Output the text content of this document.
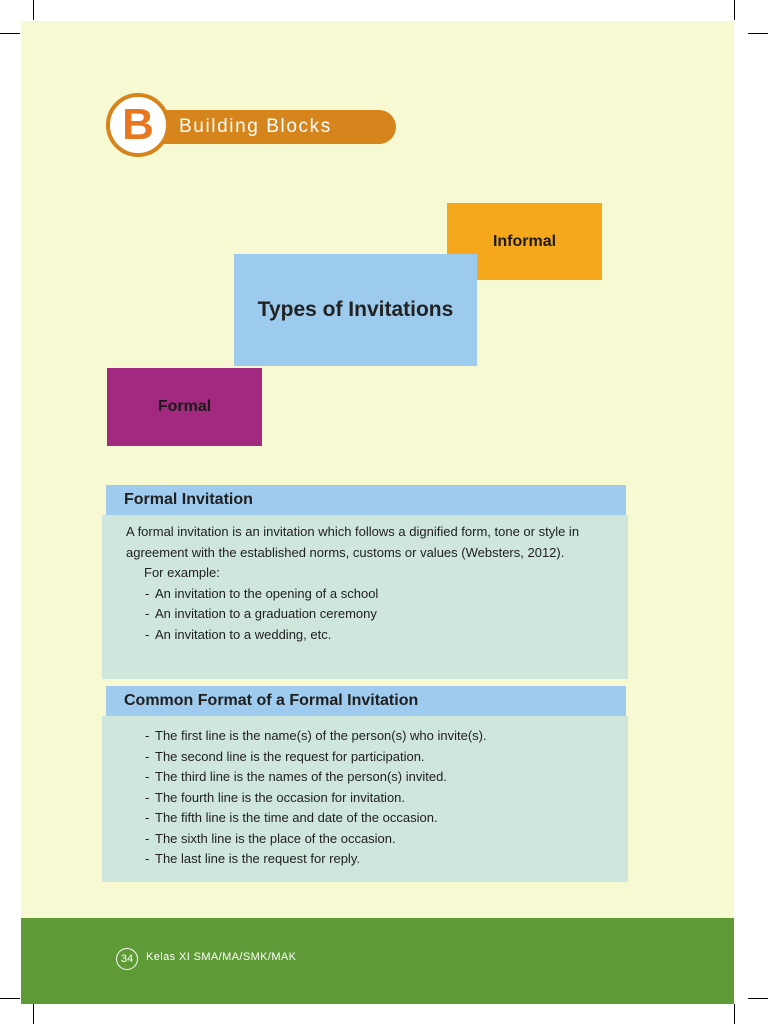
Building Blocks
B
Informal
Types of Invitations
Formal
Formal Invitation

A formal invitation is an invitation which follows a dignified form, tone or style in agreement with the established norms, customs or values (Websters, 2012).

For example:

- An invitation to the opening of a school
- An invitation to a graduation ceremony
- An invitation to a wedding, etc.
Common Format of a Formal Invitation
- The first line is the name(s) of the person(s) who invite(s).
- The second line is the request for participation.
- The third line is the names of the person(s) invited.
- The fourth line is the occasion for invitation.
- The fifth line is the time and date of the occasion.
- The sixth line is the place of the occasion.
- The last line is the request for reply.
34	Kelas XI SMA/MA/SMK/MAK
